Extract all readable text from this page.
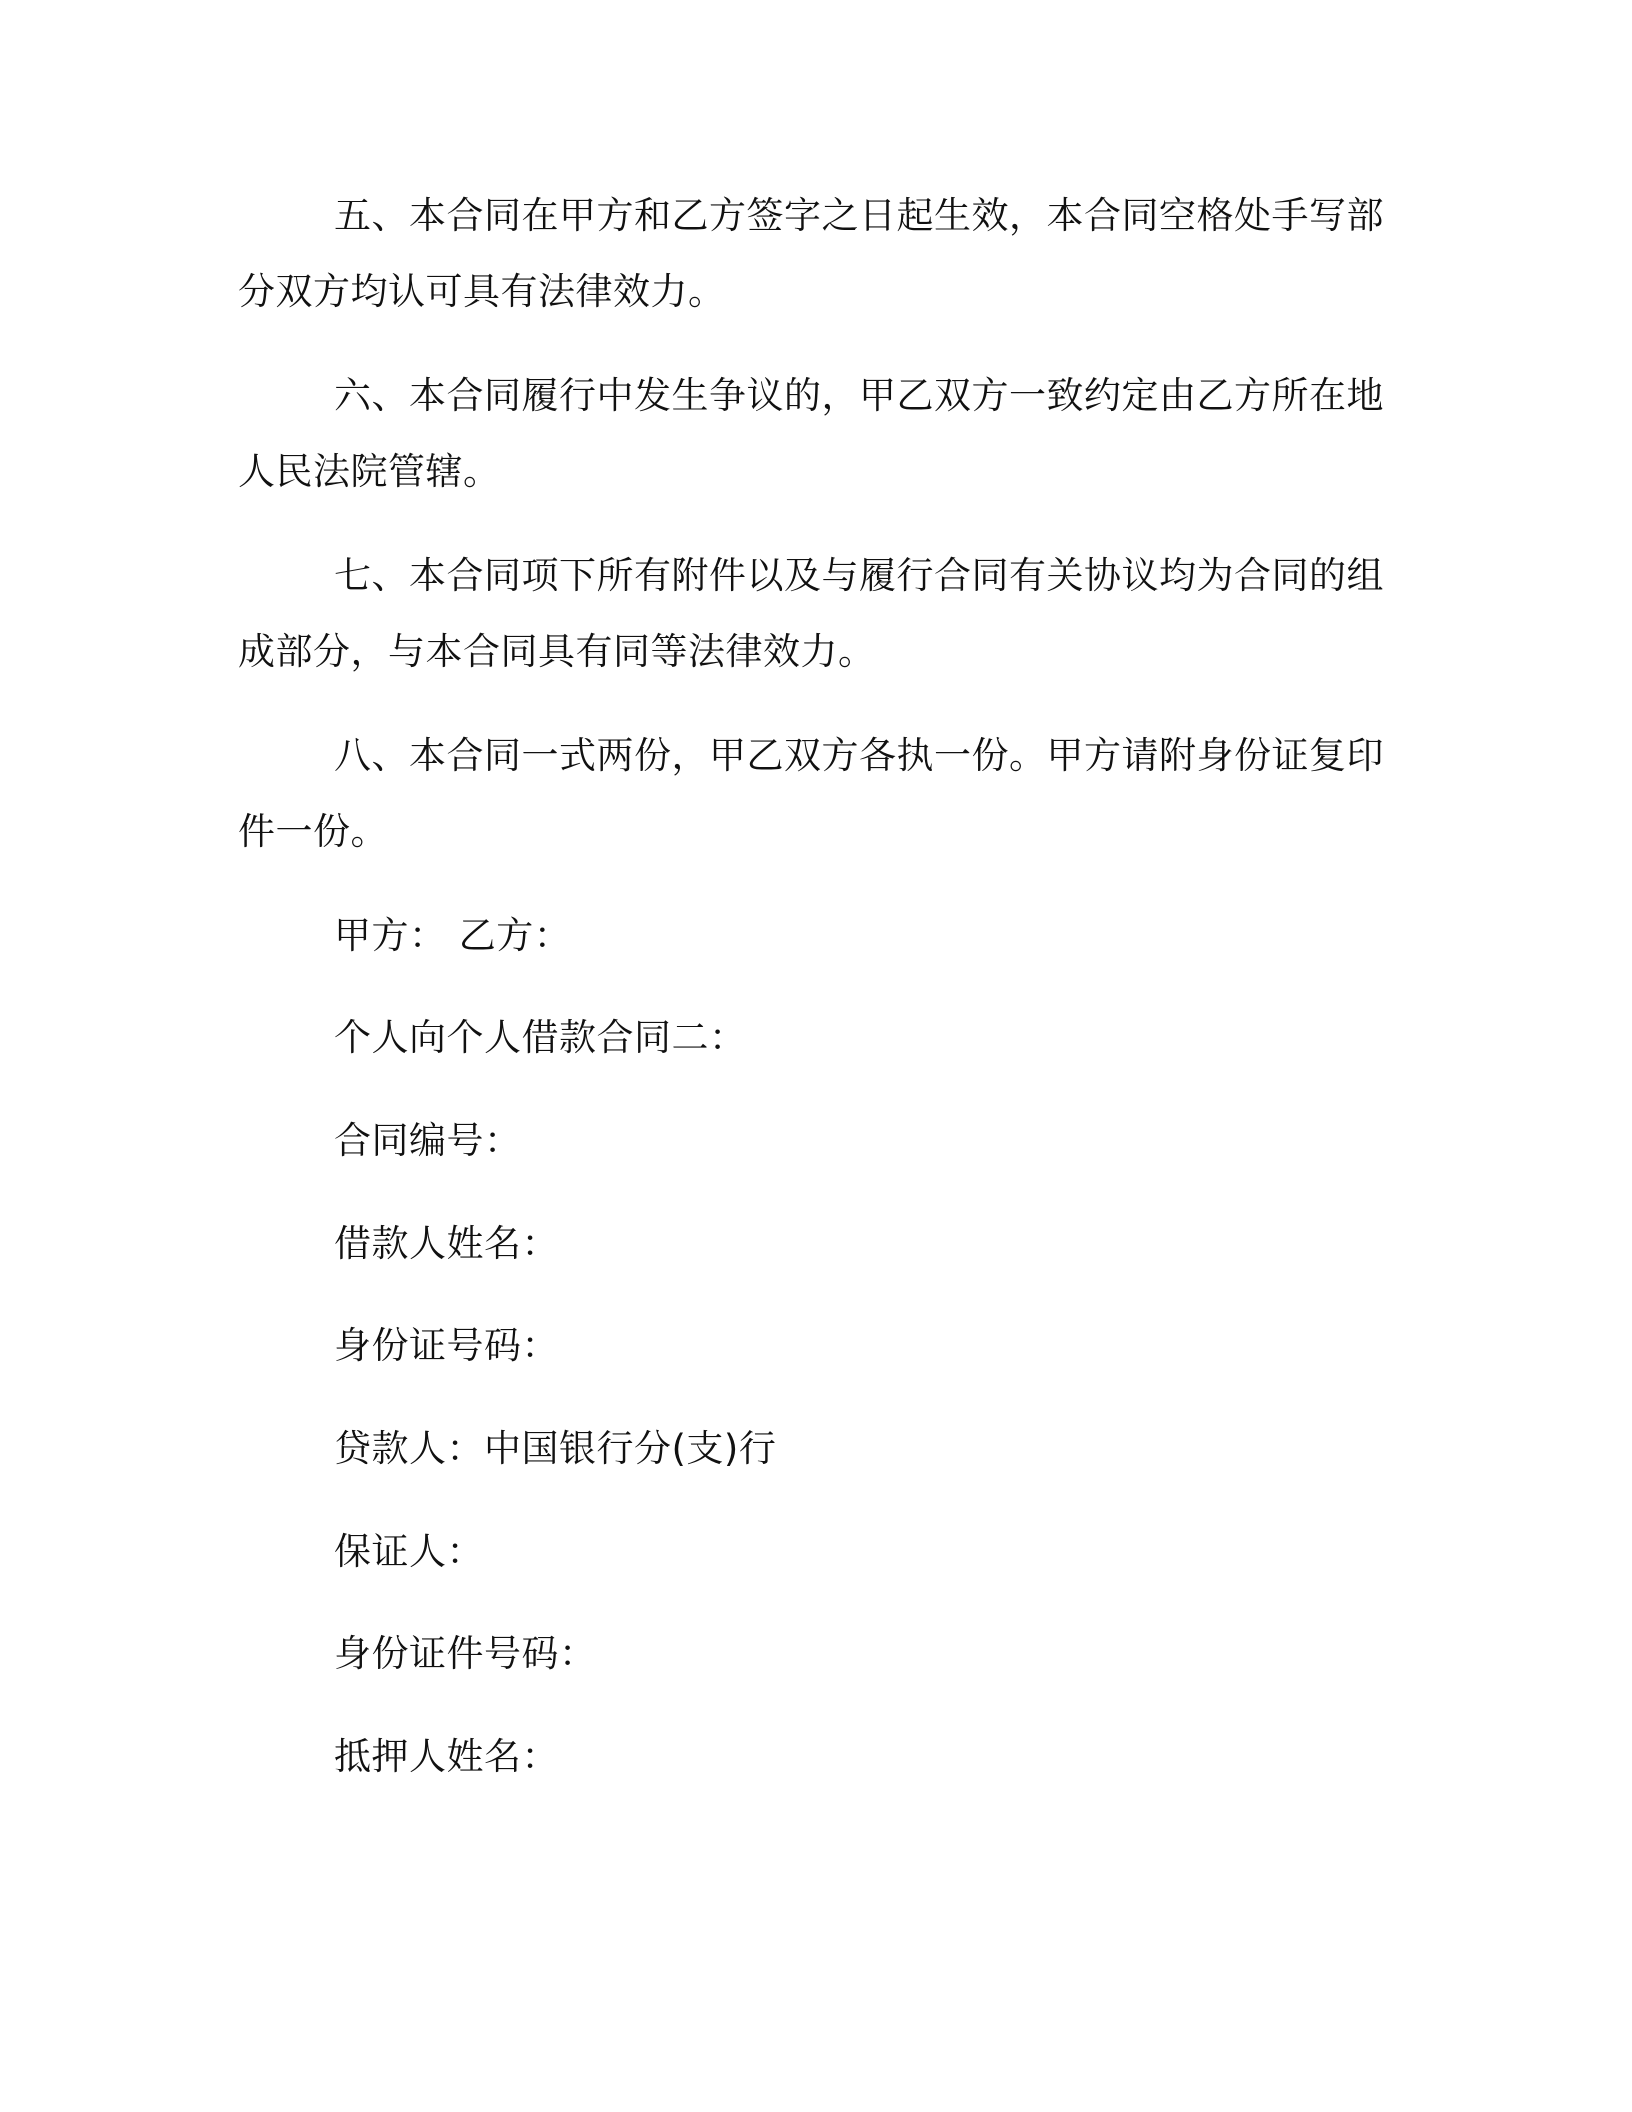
五、本合同在甲方和乙方签字之日起生效，本合同空格处手写部分双方均认可具有法律效力。

六、本合同履行中发生争议的，甲乙双方一致约定由乙方所在地人民法院管辖。

七、本合同项下所有附件以及与履行合同有关协议均为合同的组成部分，与本合同具有同等法律效力。

八、本合同一式两份，甲乙双方各执一份。甲方请附身份证复印件一份。

甲方： 乙方：

个人向个人借款合同二：

合同编号：

借款人姓名：

身份证号码：

贷款人：中国银行分(支)行

保证人：

身份证件号码：

抵押人姓名：
